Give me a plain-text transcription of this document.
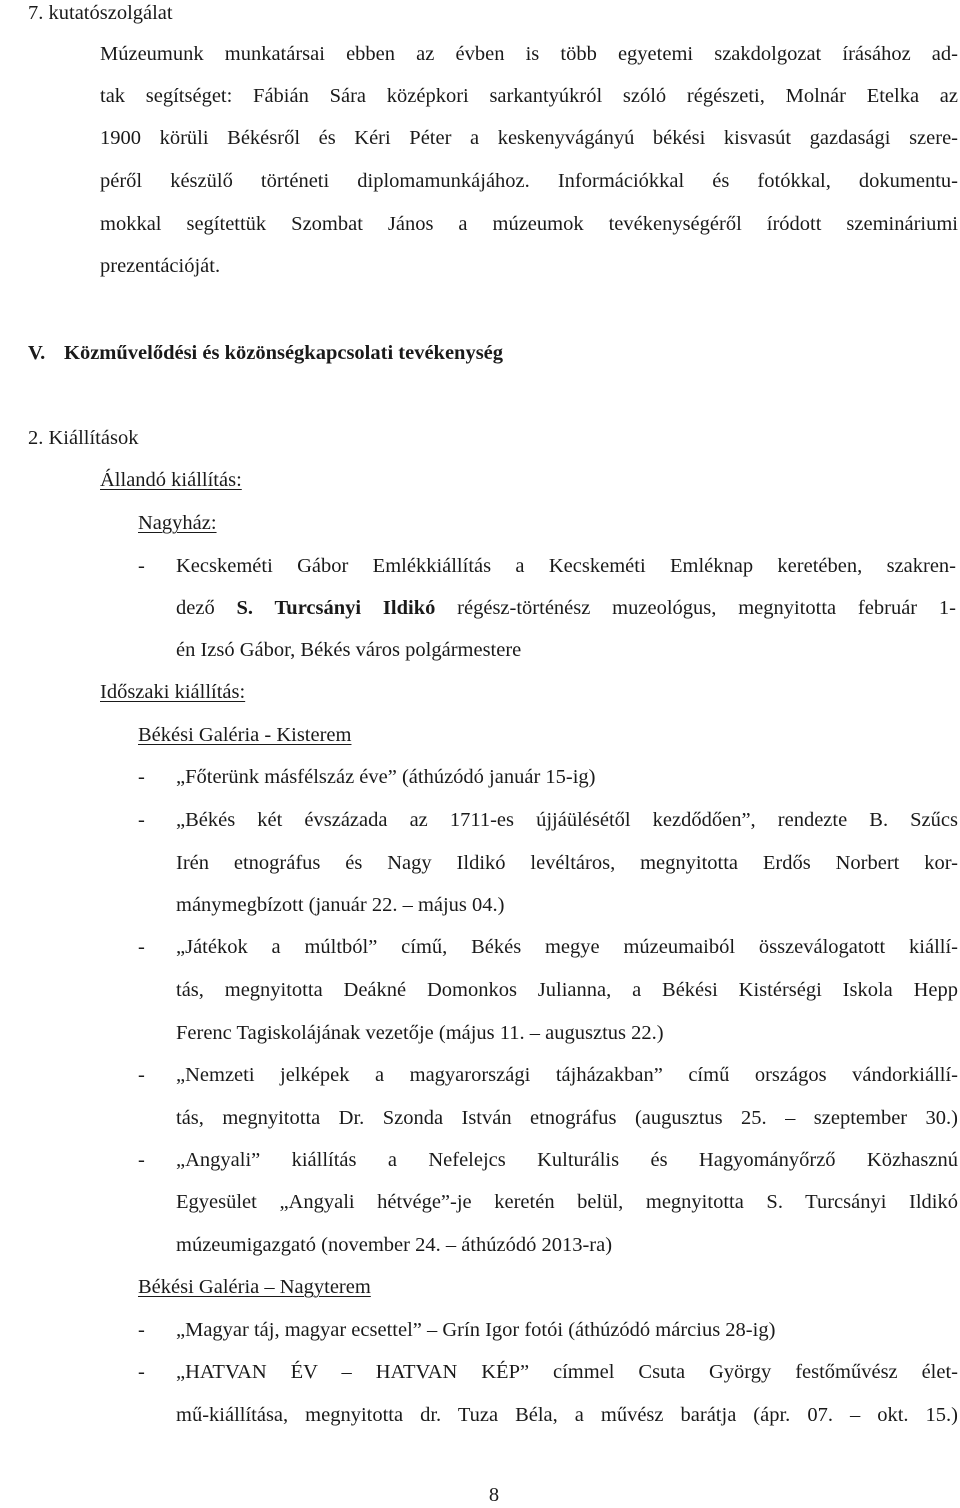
7. kutatószolgálat
Múzeumunk munkatársai ebben az évben is több egyetemi szakdolgozat írásához ad-
tak segítséget: Fábián Sára középkori sarkantyúkról szóló régészeti, Molnár Etelka az
1900 körüli Békésről és Kéri Péter a keskenyvágányú békési kisvasút gazdasági szere-
péről készülő történeti diplomamunkájához. Információkkal és fotókkal, dokumentu-
mokkal segítettük Szombat János a múzeumok tevékenységéről íródott szemináriumi
prezentációját.
V. Közművelődési és közönségkapcsolati tevékenység
2. Kiállítások
Állandó kiállítás:
Nagyház:
-	Kecskeméti Gábor Emlékkiállítás a Kecskeméti Emléknap keretében, szakren-
dező S. Turcsányi Ildikó régész-történész muzeológus, megnyitotta február 1-
én Izsó Gábor, Békés város polgármestere
Időszaki kiállítás:
Békési Galéria - Kisterem
-	„Főterünk másfélszáz éve” (áthúzódó január 15-ig)
-	„Békés két évszázada az 1711-es újjáülésétől kezdődően”, rendezte B. Szűcs
Irén etnográfus és Nagy Ildikó levéltáros, megnyitotta Erdős Norbert kor-
mánymegbízott (január 22. – május 04.)
-	„Játékok a múltból” című, Békés megye múzeumaiból összeválogatott kiállí-
tás, megnyitotta Deákné Domonkos Julianna, a Békési Kistérségi Iskola Hepp
Ferenc Tagiskolájának vezetője (május 11. – augusztus 22.)
-	„Nemzeti jelképek a magyarországi tájházakban” című országos vándorkiállí-
tás, megnyitotta Dr. Szonda István etnográfus (augusztus 25. – szeptember 30.)
-	„Angyali” kiállítás a Nefelejcs Kulturális és Hagyományőrző Közhasznú
Egyesület „Angyali hétvége”-je keretén belül, megnyitotta S. Turcsányi Ildikó
múzeumigazgató (november 24. – áthúzódó 2013-ra)
Békési Galéria – Nagyterem
-	„Magyar táj, magyar ecsettel” – Grín Igor fotói (áthúzódó március 28-ig)
-	„HATVAN ÉV – HATVAN KÉP” címmel Csuta György festőművész élet-
mű-kiállítása, megnyitotta dr. Tuza Béla, a művész barátja (ápr. 07. – okt. 15.)
8
